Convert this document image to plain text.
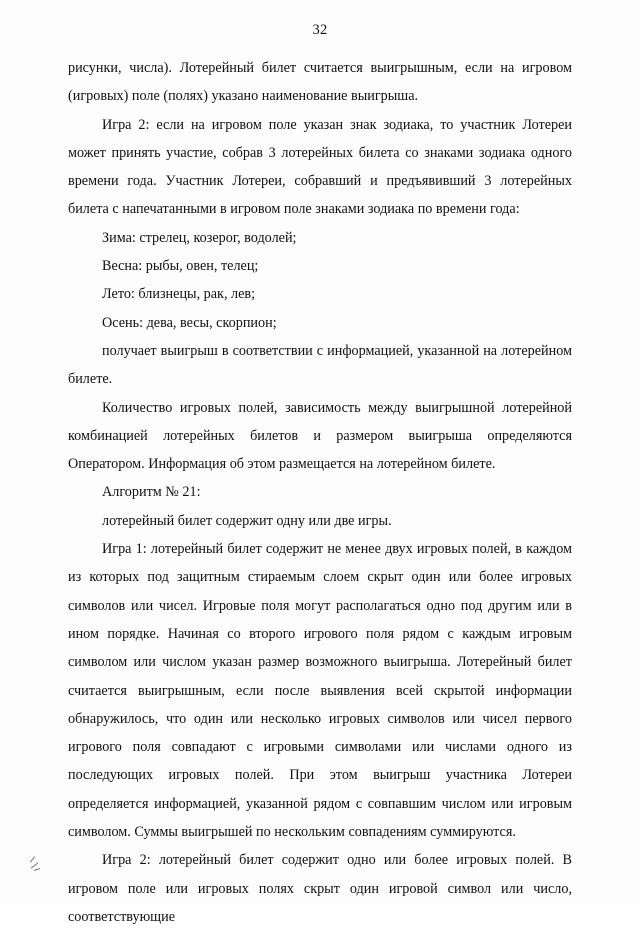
32

рисунки, числа). Лотерейный билет считается выигрышным, если на игровом (игровых) поле (полях) указано наименование выигрыша.

Игра 2: если на игровом поле указан знак зодиака, то участник Лотереи может принять участие, собрав 3 лотерейных билета со знаками зодиака одного времени года. Участник Лотереи, собравший и предъявивший 3 лотерейных билета с напечатанными в игровом поле знаками зодиака по времени года:

Зима: стрелец, козерог, водолей;

Весна: рыбы, овен, телец;

Лето: близнецы, рак, лев;

Осень: дева, весы, скорпион;

получает выигрыш в соответствии с информацией, указанной на лотерейном билете.

Количество игровых полей, зависимость между выигрышной лотерейной комбинацией лотерейных билетов и размером выигрыша определяются Оператором. Информация об этом размещается на лотерейном билете.

Алгоритм № 21:

лотерейный билет содержит одну или две игры.

Игра 1: лотерейный билет содержит не менее двух игровых полей, в каждом из которых под защитным стираемым слоем скрыт один или более игровых символов или чисел. Игровые поля могут располагаться одно под другим или в ином порядке. Начиная со второго игрового поля рядом с каждым игровым символом или числом указан размер возможного выигрыша. Лотерейный билет считается выигрышным, если после выявления всей скрытой информации обнаружилось, что один или несколько игровых символов или чисел первого игрового поля совпадают с игровыми символами или числами одного из последующих игровых полей. При этом выигрыш участника Лотереи определяется информацией, указанной рядом с совпавшим числом или игровым символом. Суммы выигрышей по нескольким совпадениям суммируются.

Игра 2: лотерейный билет содержит одно или более игровых полей. В игровом поле или игровых полях скрыт один игровой символ или число, соответствующие
